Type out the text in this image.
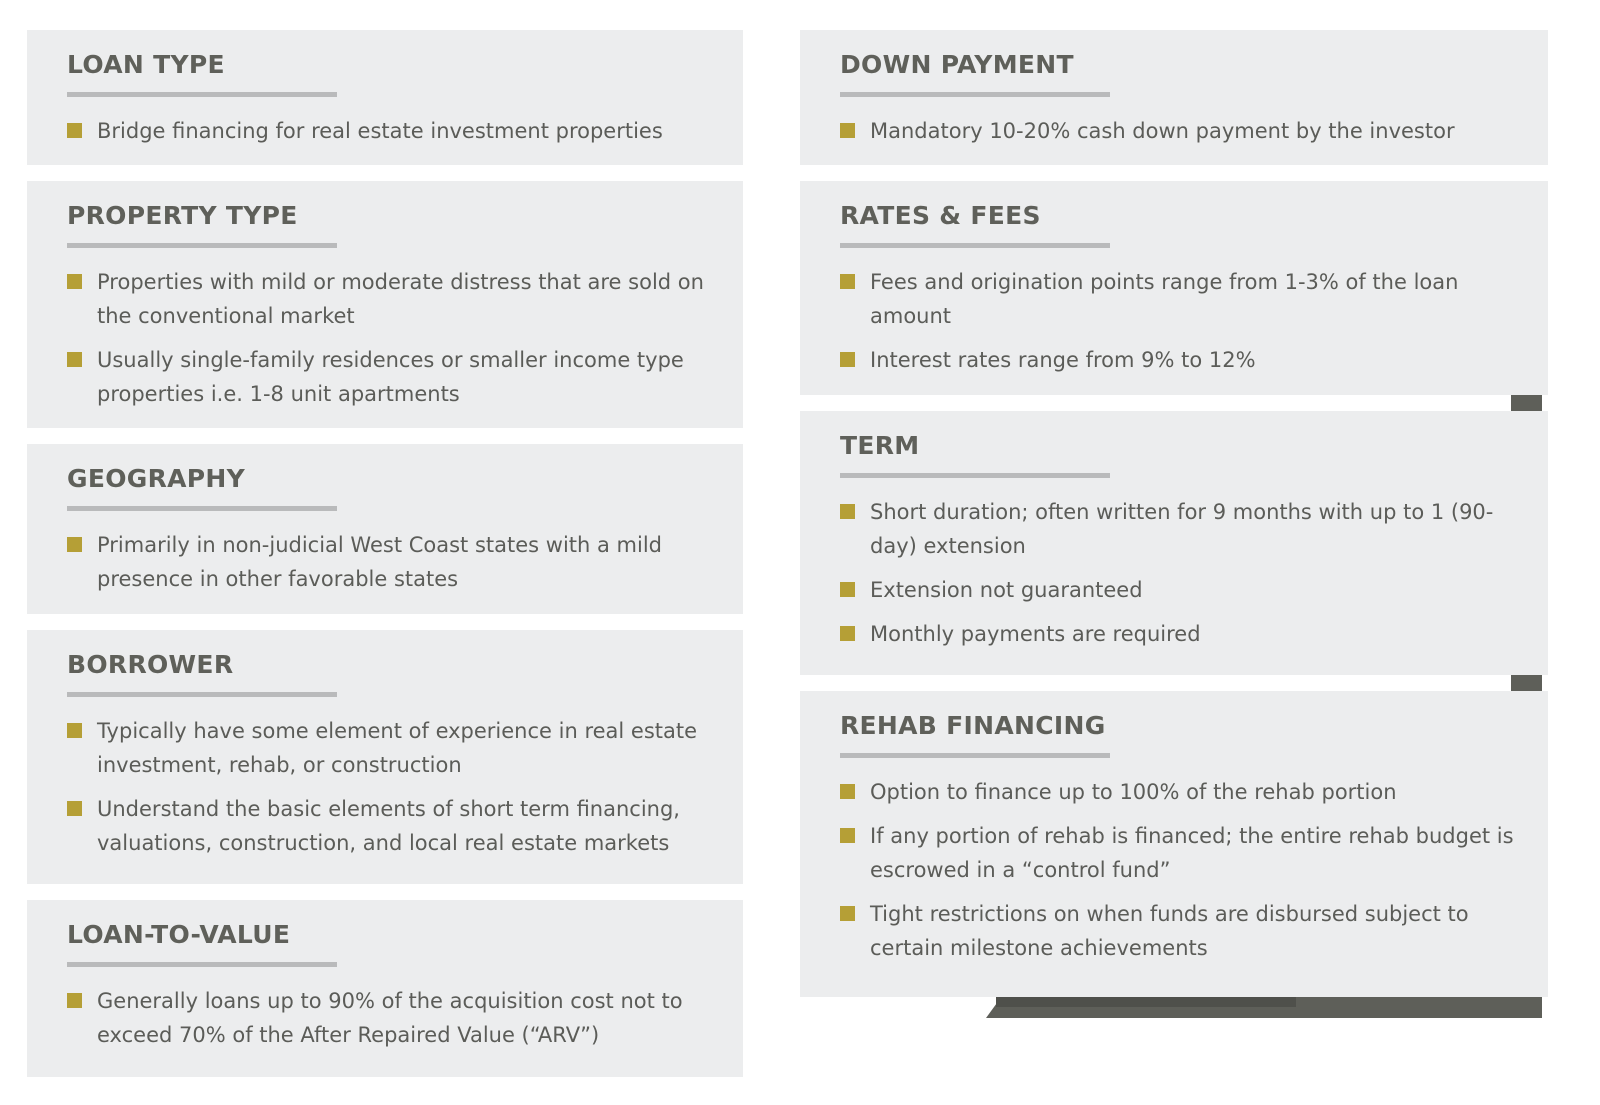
LOAN TYPE
Bridge financing for real estate investment properties
PROPERTY TYPE
Properties with mild or moderate distress that are sold on the conventional market
Usually single-family residences or smaller income type properties i.e. 1-8 unit apartments
GEOGRAPHY
Primarily in non-judicial West Coast states with a mild presence in other favorable states
BORROWER
Typically have some element of experience in real estate investment, rehab, or construction
Understand the basic elements of short term financing, valuations, construction, and local real estate markets
LOAN-TO-VALUE
Generally loans up to 90% of the acquisition cost not to exceed 70% of the After Repaired Value (“ARV”)
DOWN PAYMENT
Mandatory 10-20% cash down payment by the investor
RATES & FEES
Fees and origination points range from 1-3% of the loan amount
Interest rates range from 9% to 12%
TERM
Short duration; often written for 9 months with up to 1 (90-day) extension
Extension not guaranteed
Monthly payments are required
REHAB FINANCING
Option to finance up to 100% of the rehab portion
If any portion of rehab is financed; the entire rehab budget is escrowed in a “control fund”
Tight restrictions on when funds are disbursed subject to certain milestone achievements
